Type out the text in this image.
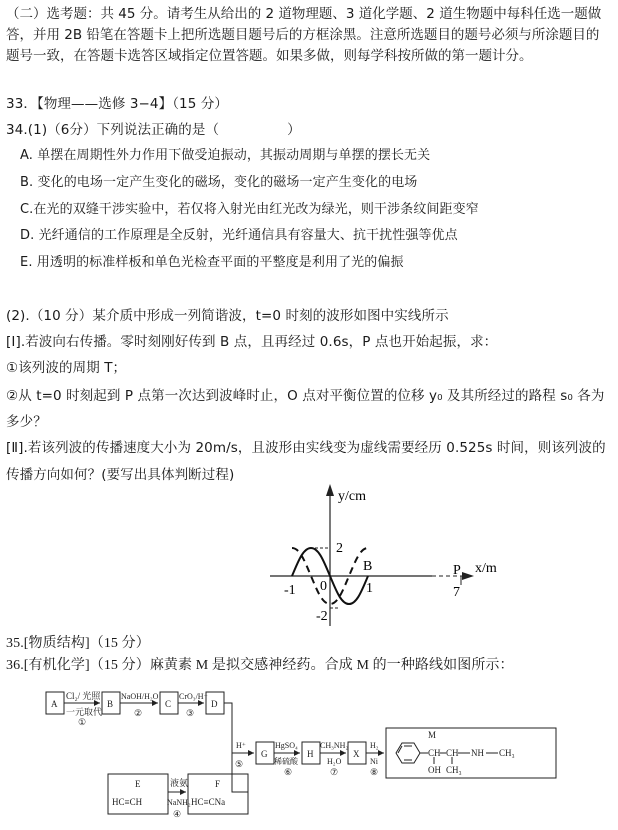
（二）选考题：共 45 分。请考生从给出的 2 道物理题、3 道化学题、2 道生物题中每科任选一题做答，并用 2B 铅笔在答题卡上把所选题目题号后的方框涂黑。注意所选题目的题号必须与所涂题目的题号一致，在答题卡选答区域指定位置答题。如果多做，则每学科按所做的第一题计分。
33．【物理——选修 3−4】（15 分）
34.(1)（6分）下列说法正确的是（　　　　　）
A. 单摆在周期性外力作用下做受迫振动，其振动周期与单摆的摆长无关
B. 变化的电场一定产生变化的磁场，变化的磁场一定产生变化的电场
C.在光的双缝干涉实验中，若仅将入射光由红光改为绿光，则干涉条纹间距变窄
D. 光纤通信的工作原理是全反射，光纤通信具有容量大、抗干扰性强等优点
E. 用透明的标准样板和单色光检查平面的平整度是利用了光的偏振
(2).（10 分）某介质中形成一列简谐波，t=0 时刻的波形如图中实线所示
[Ⅰ].若波向右传播。零时刻刚好传到 B 点，且再经过 0.6s，P 点也开始起振，求：
①该列波的周期 T；
②从 t=0 时刻起到 P 点第一次达到波峰时止，O 点对平衡位置的位移 y₀ 及其所经过的路程 s₀ 各为
多少？
[Ⅱ].若该列波的传播速度大小为 20m/s，且波形由实线变为虚线需要经历 0.525s 时间，则该列波的
传播方向如何？(要写出具体判断过程)
y/cm
x/m
2
-2
-1 0	1
B	P
7
35.[物质结构]（15 分）
36.[有机化学]（15 分）麻黄素 M 是拟交感神经药。合成 M 的一种路线如图所示：
A	B	C	D
E
HC≡CH
F
HC≡CNa
G	H	X
M
Cl₂/ 光照
一元取代
①
NaOH/H₂O
②
CrO₃/H⁺
③
液氨
NaNH₂
④
H⁺
⑤
HgSO₄
稀硫酸
⑥
CH₃NH₂
H₂O
⑦
H₂
Ni
⑧
CH CH NH CH₃
OH CH₃
